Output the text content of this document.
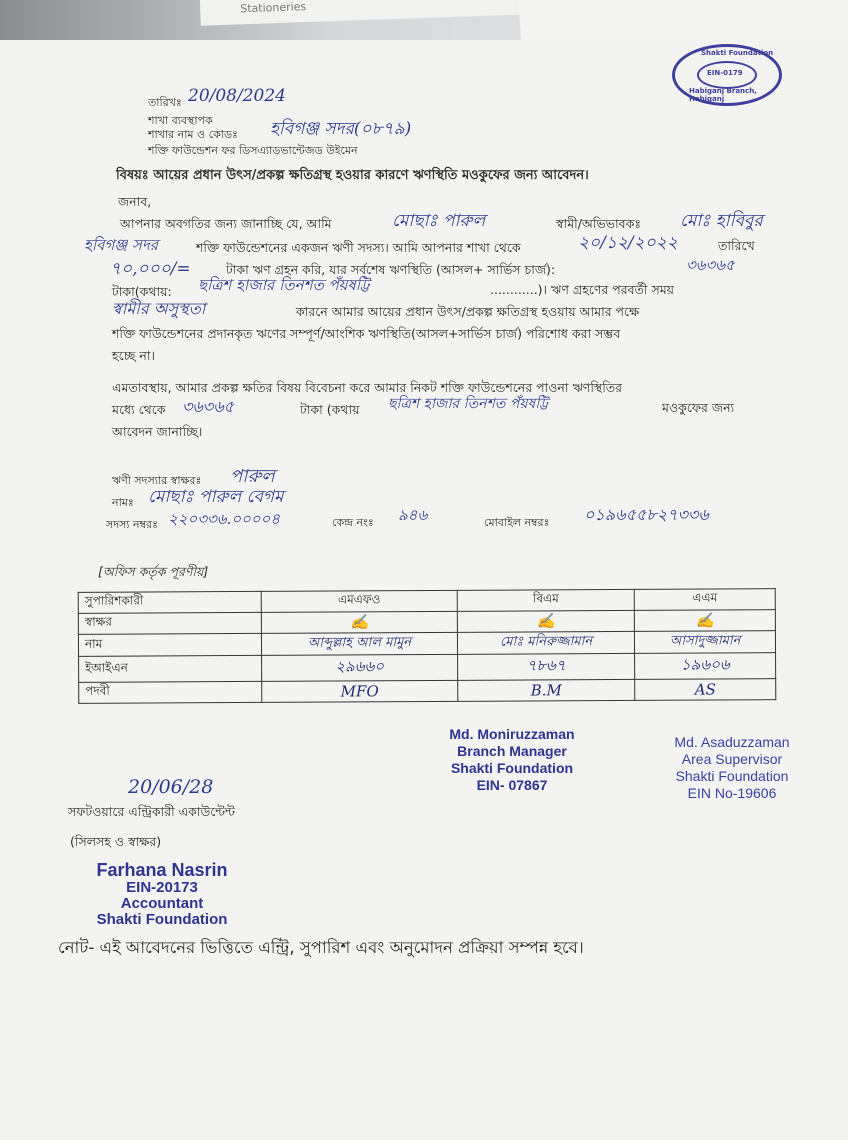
Stationeries
Shakti Foundation
EIN-0179
Habiganj Branch, Habiganj
তারিখঃ 20/08/2024
শাখা ব্যবস্থাপক
শাখার নাম ও কোডঃ হবিগঞ্জ সদর(০৮৭৯)
শক্তি ফাউন্ডেশন ফর ডিসএ্যাডভান্টেজড উইমেন
বিষয়ঃ আয়ের প্রধান উৎস/প্রকল্প ক্ষতিগ্রস্থ হওয়ার কারণে ঋণস্থিতি মওকুফের জন্য আবেদন।
জনাব,
আপনার অবগতির জন্য জানাচ্ছি যে, আমি	মোছাঃ পারুল	স্বামী/অভিভাবকঃ মোঃ হাবিবুর
হবিগঞ্জ সদর	শক্তি ফাউন্ডেশনের একজন ঋণী সদস্য। আমি আপনার শাখা থেকে	২০/১২/২০২২	তারিখে
৭০,০০০/=	টাকা ঋণ গ্রহন করি, যার সর্বশেষ ঋণস্থিতি (আসল+ সার্ভিস চার্জ):	৩৬৩৬৫
টাকা(কথায়: ছত্রিশ হাজার তিনশত পঁয়ষট্টি	............)। ঋণ গ্রহণের পরবর্তী সময়
স্বামীর অসুস্থতা	কারনে আমার আয়ের প্রধান উৎস/প্রকল্প ক্ষতিগ্রস্থ হওয়ায় আমার পক্ষে
শক্তি ফাউন্ডেশনের প্রদানকৃত ঋণের সম্পূর্ণ/আংশিক ঋণস্থিতি(আসল+সার্ভিস চার্জ) পরিশোধ করা সম্ভব
হচ্ছে না।
এমতাবস্থায়, আমার প্রকল্প ক্ষতির বিষয় বিবেচনা করে আমার নিকট শক্তি ফাউন্ডেশনের পাওনা ঋণস্থিতির
মধ্যে থেকে ৩৬৩৬৫	টাকা (কথায় ছত্রিশ হাজার তিনশত পঁয়ষট্টি	মওকুফের জন্য
আবেদন জানাচ্ছি।
ঋণী সদস্যার স্বাক্ষরঃ পারুল
নামঃ মোছাঃ পারুল বেগম
সদস্য নম্বরঃ ২২০৩৩৬.০০০০৪	কেন্দ্র নংঃ ৯৪৬	মোবাইল নম্বরঃ ০১৯৬৫৫৮২৭৩৩৬
[অফিস কর্তৃক পূরণীয়]
সুপারিশকারী	এমএফও	বিএম	এএম
স্বাক্ষর	✍	✍	✍
নাম	আব্দুল্লাহ আল মামুন	মোঃ মনিরুজ্জামান	আসাদুজ্জামান
ইআইএন	২৯৬৬০	৭৮৬৭	১৯৬০৬
পদবী	MFO	B.M	AS
Md. Moniruzzaman
Branch Manager
Shakti Foundation
EIN- 07867
Md. Asaduzzaman
Area Supervisor
Shakti Foundation
EIN No-19606
20/06/28
সফটওয়ারে এন্ট্রিকারী একাউন্টেন্ট
(সিলসহ ও স্বাক্ষর)
Farhana Nasrin
EIN-20173
Accountant
Shakti Foundation
নোট- এই আবেদনের ভিত্তিতে এন্ট্রি, সুপারিশ এবং অনুমোদন প্রক্রিয়া সম্পন্ন হবে।
